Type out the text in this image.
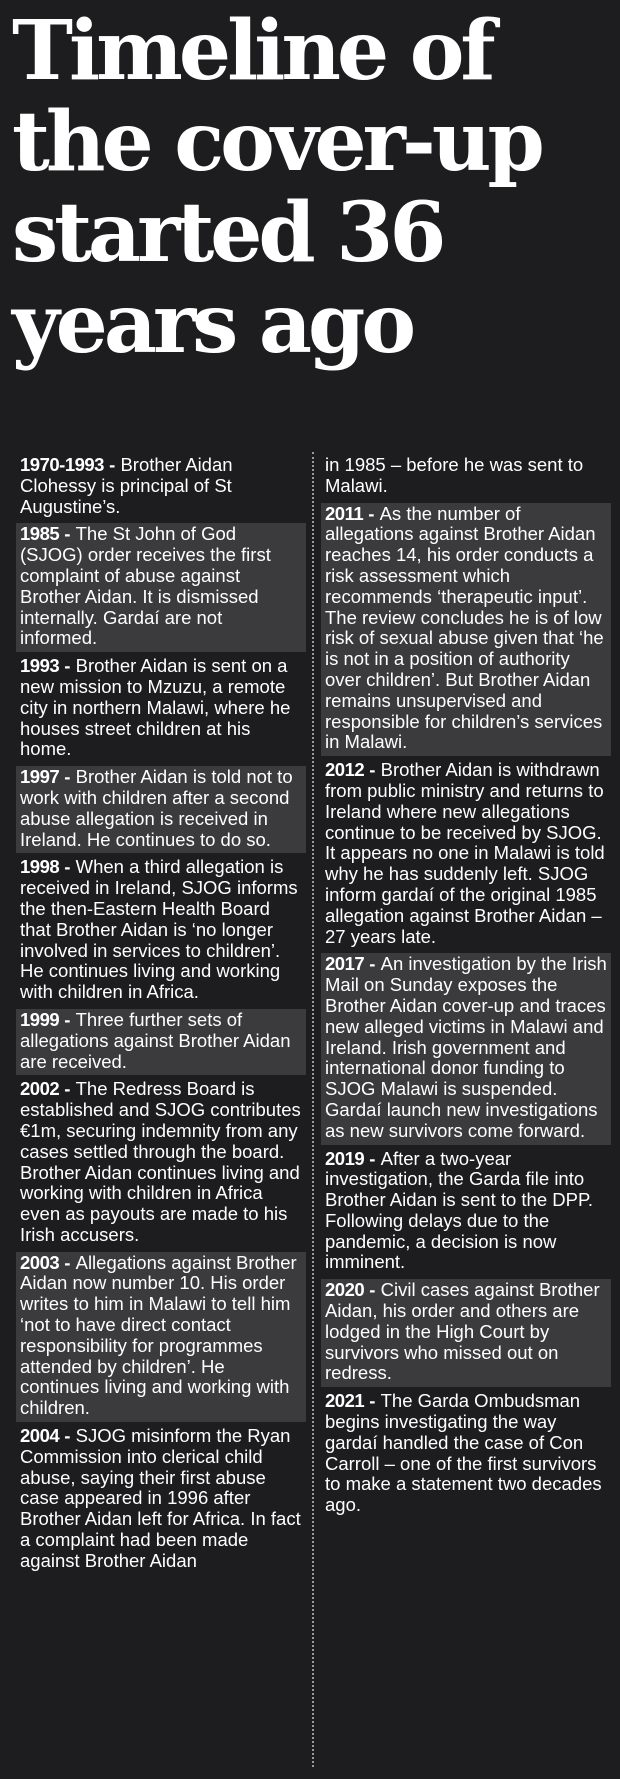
Timeline of
the cover-up
started 36
years ago
1970-1993 - Brother Aidan Clohessy is principal of St Augustine’s.
1985 - The St John of God (SJOG) order receives the first complaint of abuse against Brother Aidan. It is dismissed internally. Gardaí are not informed.
1993 - Brother Aidan is sent on a new mission to Mzuzu, a remote city in northern Malawi, where he houses street children at his home.
1997 - Brother Aidan is told not to work with children after a second abuse allegation is received in Ireland. He continues to do so.
1998 - When a third allegation is received in Ireland, SJOG informs the then-Eastern Health Board that Brother Aidan is ‘no longer involved in services to children’. He continues living and working with children in Africa.
1999 - Three further sets of allegations against Brother Aidan are received.
2002 - The Redress Board is established and SJOG contributes €1m, securing indemnity from any cases settled through the board. Brother Aidan continues living and working with children in Africa even as payouts are made to his Irish accusers.
2003 - Allegations against Brother Aidan now number 10. His order writes to him in Malawi to tell him ‘not to have direct contact responsibility for programmes attended by children’. He continues living and working with children.
2004 - SJOG misinform the Ryan Commission into clerical child abuse, saying their first abuse case appeared in 1996 after Brother Aidan left for Africa. In fact a complaint had been made against Brother Aidan
in 1985 – before he was sent to Malawi.
2011 - As the number of allegations against Brother Aidan reaches 14, his order conducts a risk assessment which recommends ‘therapeutic input’. The review concludes he is of low risk of sexual abuse given that ‘he is not in a position of authority over children’. But Brother Aidan remains unsupervised and responsible for children’s services in Malawi.
2012 - Brother Aidan is withdrawn from public ministry and returns to Ireland where new allegations continue to be received by SJOG. It appears no one in Malawi is told why he has suddenly left. SJOG inform gardaí of the original 1985 allegation against Brother Aidan – 27 years late.
2017 - An investigation by the Irish Mail on Sunday exposes the Brother Aidan cover-up and traces new alleged victims in Malawi and Ireland. Irish government and international donor funding to SJOG Malawi is suspended. Gardaí launch new investigations as new survivors come forward.
2019 - After a two-year investigation, the Garda file into Brother Aidan is sent to the DPP. Following delays due to the pandemic, a decision is now imminent.
2020 - Civil cases against Brother Aidan, his order and others are lodged in the High Court by survivors who missed out on redress.
2021 - The Garda Ombudsman begins investigating the way gardaí handled the case of Con Carroll – one of the first survivors to make a statement two decades ago.
